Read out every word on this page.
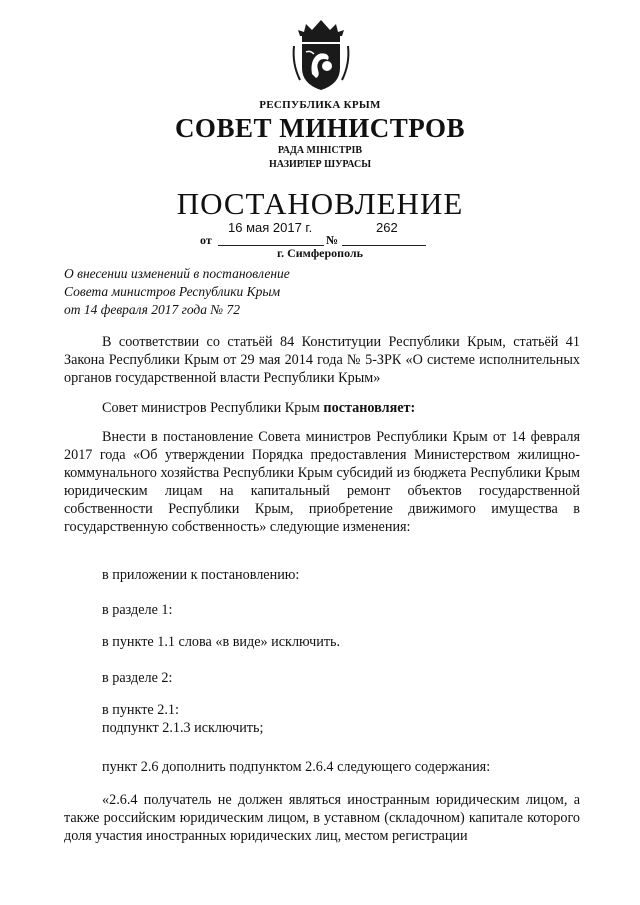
РЕСПУБЛИКА КРЫМ
СОВЕТ МИНИСТРОВ
РАДА МІНІСТРІВ
НАЗИРЛЕР ШУРАСЫ
ПОСТАНОВЛЕНИЕ
от
16 мая 2017 г.
№
262
г. Симферополь
О внесении изменений в постановление
Совета министров Республики Крым
от 14 февраля 2017 года № 72
В соответствии со статьёй 84 Конституции Республики Крым, статьёй 41 Закона Республики Крым от 29 мая 2014 года № 5-ЗРК «О системе исполнительных органов государственной власти Республики Крым»
Совет министров Республики Крым постановляет:
Внести в постановление Совета министров Республики Крым от 14 февраля 2017 года «Об утверждении Порядка предоставления Министерством жилищно-коммунального хозяйства Республики Крым субсидий из бюджета Республики Крым юридическим лицам на капитальный ремонт объектов государственной собственности Республики Крым, приобретение движимого имущества в государственную собственность» следующие изменения:
в приложении к постановлению:
в разделе 1:
в пункте 1.1 слова «в виде» исключить.
в разделе 2:
в пункте 2.1:
подпункт 2.1.3 исключить;
пункт 2.6 дополнить подпунктом 2.6.4 следующего содержания:
«2.6.4 получатель не должен являться иностранным юридическим лицом, а также российским юридическим лицом, в уставном (складочном) капитале которого доля участия иностранных юридических лиц, местом регистрации
